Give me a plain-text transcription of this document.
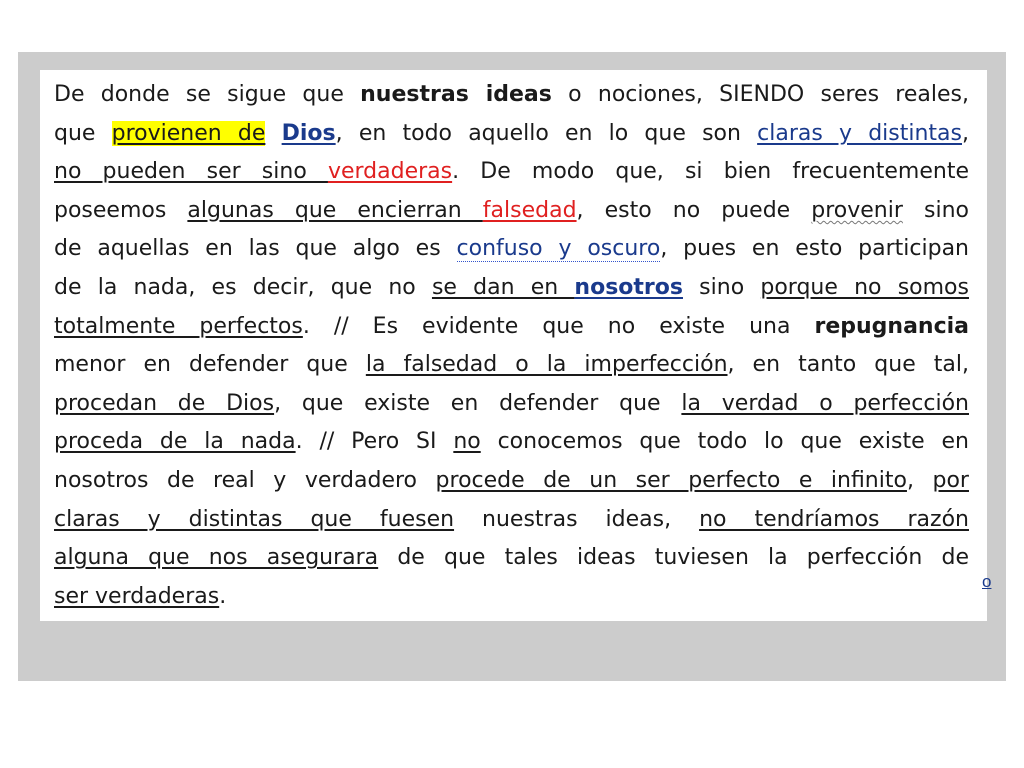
De donde se sigue que nuestras ideas o nociones, SIENDO seres reales,
que provienen de Dios, en todo aquello en lo que son claras y distintas,
no pueden ser sino verdaderas. De modo que, si bien frecuentemente
poseemos algunas que encierran falsedad, esto no puede provenir sino
de aquellas en las que algo es confuso y oscuro, pues en esto participan
de la nada, es decir, que no se dan en nosotros sino porque no somos
totalmente perfectos. // Es evidente que no existe una repugnancia
menor en defender que la falsedad o la imperfección, en tanto que tal,
procedan de Dios, que existe en defender que la verdad o perfección
proceda de la nada. // Pero SI no conocemos que todo lo que existe en
nosotros de real y verdadero procede de un ser perfecto e infinito, por
claras y distintas que fuesen nuestras ideas, no tendríamos razón
alguna que nos asegurara de que tales ideas tuviesen la perfección de
ser verdaderas.
o
